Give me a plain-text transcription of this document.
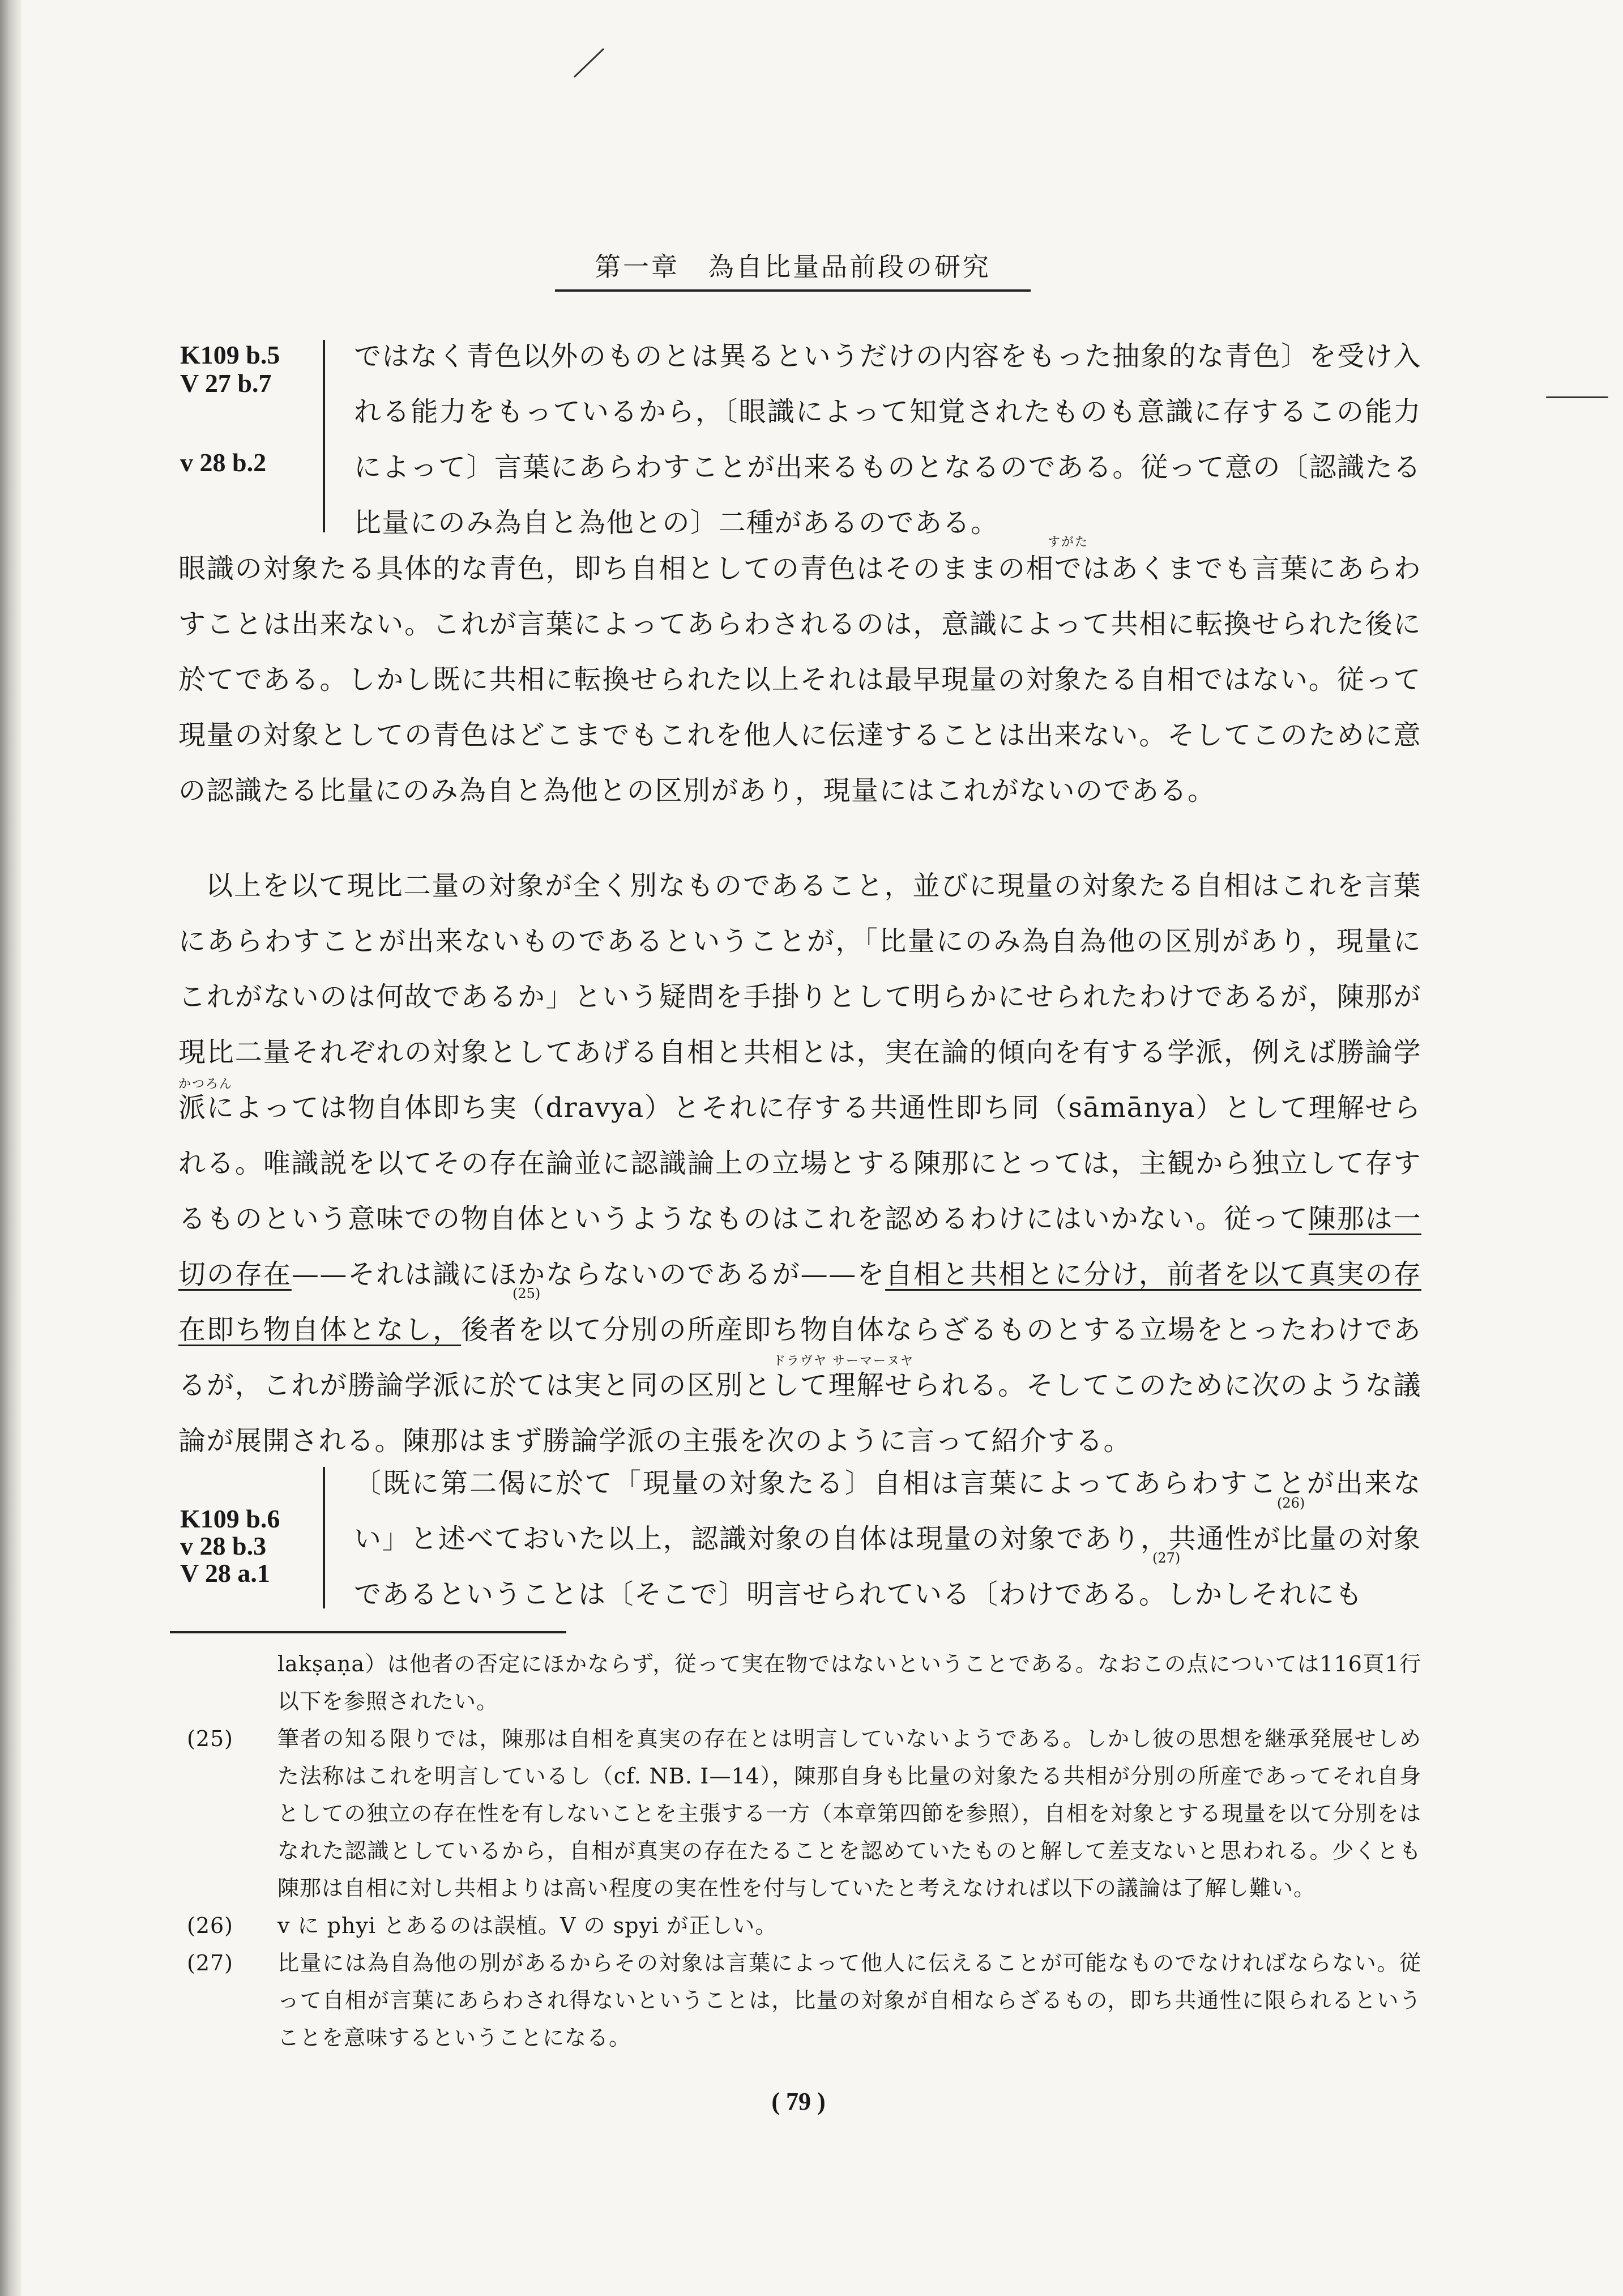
第一章　為自比量品前段の研究
K109 b.5
V 27 b.7
v 28 b.2
ではなく青色以外のものとは異るというだけの内容をもった抽象的な青色〕を受け入れる能力をもっているから，〔眼識によって知覚されたものも意識に存するこの能力によって〕言葉にあらわすことが出来るものとなるのである。従って意の〔認識たる比量にのみ為自と為他との〕二種があるのである。
すがた
眼識の対象たる具体的な青色，即ち自相としての青色はそのままの相ではあくまでも言葉にあらわすことは出来ない。これが言葉によってあらわされるのは，意識によって共相に転換せられた後に於てである。しかし既に共相に転換せられた以上それは最早現量の対象たる自相ではない。従って現量の対象としての青色はどこまでもこれを他人に伝達することは出来ない。そしてこのために意の認識たる比量にのみ為自と為他との区別があり，現量にはこれがないのである。
かつろん
ドラヴヤ サーマーヌヤ
(25)
以上を以て現比二量の対象が全く別なものであること，並びに現量の対象たる自相はこれを言葉にあらわすことが出来ないものであるということが，「比量にのみ為自為他の区別があり，現量にこれがないのは何故であるか」という疑問を手掛りとして明らかにせられたわけであるが，陳那が現比二量それぞれの対象としてあげる自相と共相とは，実在論的傾向を有する学派，例えば勝論学派によっては物自体即ち実（dravya）とそれに存する共通性即ち同（sāmānya）として理解せられる。唯識説を以てその存在論並に認識論上の立場とする陳那にとっては，主観から独立して存するものという意味での物自体というようなものはこれを認めるわけにはいかない。従って陳那は一切の存在——それは識にほかならないのであるが——を自相と共相とに分け，前者を以て真実の存在即ち物自体となし，後者を以て分別の所産即ち物自体ならざるものとする立場をとったわけであるが，これが勝論学派に於ては実と同の区別として理解せられる。そしてこのために次のような議論が展開される。陳那はまず勝論学派の主張を次のように言って紹介する。
K109 b.6
v 28 b.3
V 28 a.1
(26)
(27)
〔既に第二偈に於て「現量の対象たる〕自相は言葉によってあらわすことが出来ない」と述べておいた以上，認識対象の自体は現量の対象であり，共通性が比量の対象であるということは〔そこで〕明言せられている〔わけである。しかしそれにも

lakṣaṇa）は他者の否定にほかならず，従って実在物ではないということである。なおこの点については116頁1行以下を参照されたい。

(25) 筆者の知る限りでは，陳那は自相を真実の存在とは明言していないようである。しかし彼の思想を継承発展せしめた法称はこれを明言しているし（cf. NB. I—14），陳那自身も比量の対象たる共相が分別の所産であってそれ自身としての独立の存在性を有しないことを主張する一方（本章第四節を参照），自相を対象とする現量を以て分別をはなれた認識としているから，自相が真実の存在たることを認めていたものと解して差支ないと思われる。少くとも陳那は自相に対し共相よりは高い程度の実在性を付与していたと考えなければ以下の議論は了解し難い。

(26) v に phyi とあるのは誤植。V の spyi が正しい。

(27) 比量には為自為他の別があるからその対象は言葉によって他人に伝えることが可能なものでなければならない。従って自相が言葉にあらわされ得ないということは，比量の対象が自相ならざるもの，即ち共通性に限られるということを意味するということになる。

( 79 )
